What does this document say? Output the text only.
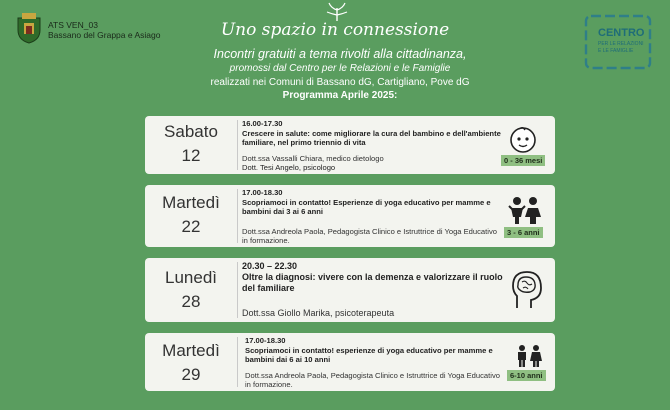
ATS VEN_03
Bassano del Grappa e Asiago	Uno spazio in connessione
Incontri gratuiti a tema rivolti alla cittadinanza,
promossi dal Centro per le Relazioni e le Famiglie
realizzati nei Comuni di Bassano dG, Cartigliano, Pove dG
Programma Aprile 2025:
CENTRO
PER LE RELAZIONI
E LE FAMIGLIE
Sabato
12
16.00-17.30
Crescere in salute: come migliorare la cura del bambino e dell'ambiente familiare, nel primo triennio di vita
Dott.ssa Vassalli Chiara, medico dietologo
Dott. Tesi Angelo, psicologo
0 - 36 mesi
Martedì
22
17.00-18.30
Scopriamoci in contatto! Esperienze di yoga educativo per mamme e bambini dai 3 ai 6 anni
Dott.ssa Andreola Paola, Pedagogista Clinico e Istruttrice di Yoga Educativo in formazione.
3 - 6 anni
Lunedì
28
20.30 – 22.30
Oltre la diagnosi: vivere con la demenza e valorizzare il ruolo del familiare
Dott.ssa Giollo Marika, psicoterapeuta
Martedì
29
17.00-18.30
Scopriamoci in contatto! esperienze di yoga educativo per mamme e bambini dai 6 ai 10 anni
Dott.ssa Andreola Paola, Pedagogista Clinico e Istruttrice di Yoga Educativo in formazione.
6-10 anni
